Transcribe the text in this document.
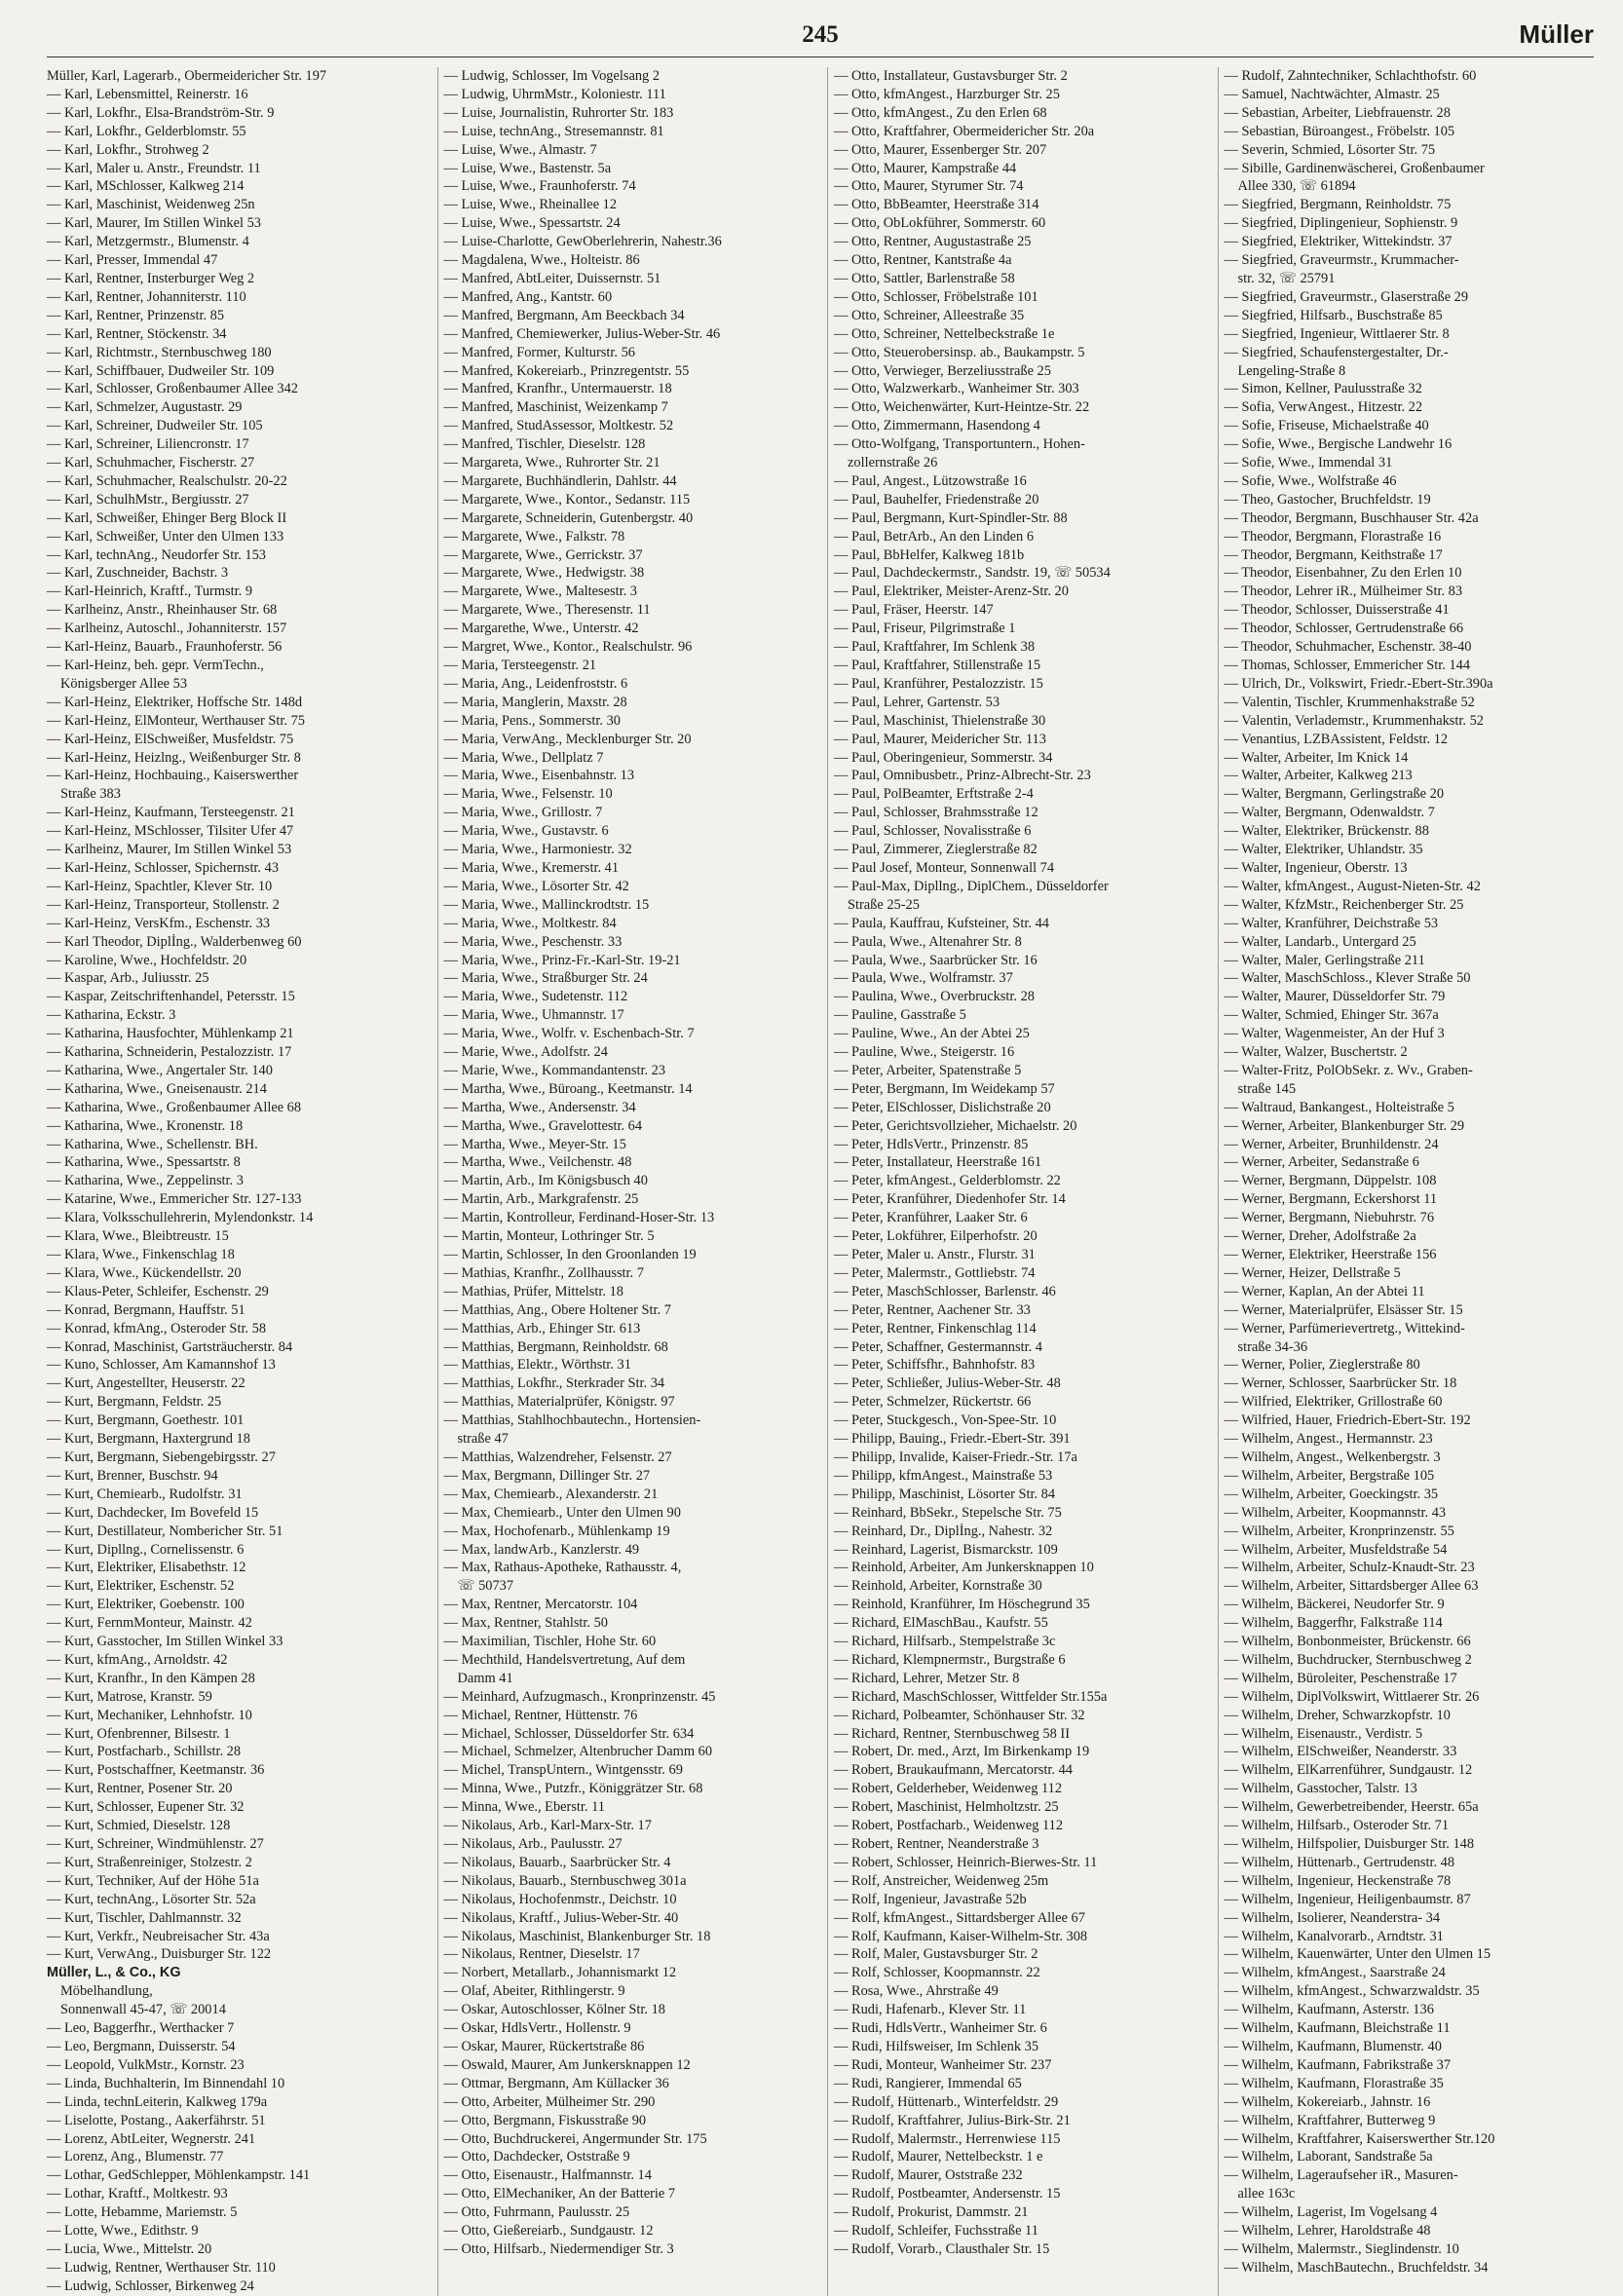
245	Müller
Müller, Karl, Lagerarb., Obermeidericher Str. 197
— Karl, Lebensmittel, Reinerstr. 16
— Karl, Lokfhr., Elsa-Brandström-Str. 9
— Karl, Lokfhr., Gelderblomstr. 55
— Karl, Lokfhr., Strohweg 2
— Karl, Maler u. Anstr., Freundstr. 11
— Karl, MSchlosser, Kalkweg 214
— Karl, Maschinist, Weidenweg 25n
— Karl, Maurer, Im Stillen Winkel 53
— Karl, Metzgermstr., Blumenstr. 4
— Karl, Presser, Immendal 47
— Karl, Rentner, Insterburger Weg 2
— Karl, Rentner, Johanniterstr. 110
— Karl, Rentner, Prinzenstr. 85
— Karl, Rentner, Stöckenstr. 34
— Karl, Richtmstr., Sternbuschweg 180
— Karl, Schiffbauer, Dudweiler Str. 109
— Karl, Schlosser, Großenbaumer Allee 342
— Karl, Schmelzer, Augustastr. 29
— Karl, Schreiner, Dudweiler Str. 105
— Karl, Schreiner, Liliencronstr. 17
— Karl, Schuhmacher, Fischerstr. 27
— Karl, Schuhmacher, Realschulstr. 20-22
— Karl, SchulhMstr., Bergiusstr. 27
— Karl, Schweißer, Ehinger Berg Block II
— Karl, Schweißer, Unter den Ulmen 133
— Karl, technAng., Neudorfer Str. 153
— Karl, Zuschneider, Bachstr. 3
— Karl-Heinrich, Kraftf., Turmstr. 9
— Karlheinz, Anstr., Rheinhauser Str. 68
— Karlheinz, Autoschl., Johanniterstr. 157
— Karl-Heinz, Bauarb., Fraunhoferstr. 56
— Karl-Heinz, beh. gepr. VermTechn.,
Königsberger Allee 53
— Karl-Heinz, Elektriker, Hoffsche Str. 148d
— Karl-Heinz, ElMonteur, Werthauser Str. 75
— Karl-Heinz, ElSchweißer, Musfeldstr. 75
— Karl-Heinz, Heizlng., Weißenburger Str. 8
— Karl-Heinz, Hochbauing., Kaiserswerther
Straße 383
— Karl-Heinz, Kaufmann, Tersteegenstr. 21
— Karl-Heinz, MSchlosser, Tilsiter Ufer 47
— Karlheinz, Maurer, Im Stillen Winkel 53
— Karl-Heinz, Schlosser, Spichernstr. 43
— Karl-Heinz, Spachtler, Klever Str. 10
— Karl-Heinz, Transporteur, Stollenstr. 2
— Karl-Heinz, VersKfm., Eschenstr. 33
— Karl Theodor, Diplİng., Walderbenweg 60
— Karoline, Wwe., Hochfeldstr. 20
— Kaspar, Arb., Juliusstr. 25
— Kaspar, Zeitschriftenhandel, Petersstr. 15
— Katharina, Eckstr. 3
— Katharina, Hausfochter, Mühlenkamp 21
— Katharina, Schneiderin, Pestalozzistr. 17
— Katharina, Wwe., Angertaler Str. 140
— Katharina, Wwe., Gneisenaustr. 214
— Katharina, Wwe., Großenbaumer Allee 68
— Katharina, Wwe., Kronenstr. 18
— Katharina, Wwe., Schellenstr. BH.
— Katharina, Wwe., Spessartstr. 8
— Katharina, Wwe., Zeppelinstr. 3
— Katarine, Wwe., Emmericher Str. 127-133
— Klara, Volksschullehrerin, Mylendonkstr. 14
— Klara, Wwe., Bleibtreustr. 15
— Klara, Wwe., Finkenschlag 18
— Klara, Wwe., Kückendellstr. 20
— Klaus-Peter, Schleifer, Eschenstr. 29
— Konrad, Bergmann, Hauffstr. 51
— Konrad, kfmAng., Osteroder Str. 58
— Konrad, Maschinist, Gartsträucherstr. 84
— Kuno, Schlosser, Am Kamannshof 13
— Kurt, Angestellter, Heuserstr. 22
— Kurt, Bergmann, Feldstr. 25
— Kurt, Bergmann, Goethestr. 101
— Kurt, Bergmann, Haxtergrund 18
— Kurt, Bergmann, Siebengebirgsstr. 27
— Kurt, Brenner, Buschstr. 94
— Kurt, Chemiearb., Rudolfstr. 31
— Kurt, Dachdecker, Im Bovefeld 15
— Kurt, Destillateur, Nombericher Str. 51
— Kurt, Dipllng., Cornelissenstr. 6
— Kurt, Elektriker, Elisabethstr. 12
— Kurt, Elektriker, Eschenstr. 52
— Kurt, Elektriker, Goebenstr. 100
— Kurt, FernmMonteur, Mainstr. 42
— Kurt, Gasstocher, Im Stillen Winkel 33
— Kurt, kfmAng., Arnoldstr. 42
— Kurt, Kranfhr., In den Kämpen 28
— Kurt, Matrose, Kranstr. 59
— Kurt, Mechaniker, Lehnhofstr. 10
— Kurt, Ofenbrenner, Bilsestr. 1
— Kurt, Postfacharb., Schillstr. 28
— Kurt, Postschaffner, Keetmanstr. 36
— Kurt, Rentner, Posener Str. 20
— Kurt, Schlosser, Eupener Str. 32
— Kurt, Schmied, Dieselstr. 128
— Kurt, Schreiner, Windmühlenstr. 27
— Kurt, Straßenreiniger, Stolzestr. 2
— Kurt, Techniker, Auf der Höhe 51a
— Kurt, technAng., Lösorter Str. 52a
— Kurt, Tischler, Dahlmannstr. 32
— Kurt, Verkfr., Neubreisacher Str. 43a
— Kurt, VerwAng., Duisburger Str. 122
Müller, L., & Co., KG
Möbelhandlung,
Sonnenwall 45-47, ☏ 20014
— Leo, Baggerfhr., Werthacker 7
— Leo, Bergmann, Duisserstr. 54
— Leopold, VulkMstr., Kornstr. 23
— Linda, Buchhalterin, Im Binnendahl 10
— Linda, technLeiterin, Kalkweg 179a
— Liselotte, Postang., Aakerfährstr. 51
— Lorenz, AbtLeiter, Wegnerstr. 241
— Lorenz, Ang., Blumenstr. 77
— Lothar, GedSchlepper, Möhlenkampstr. 141
— Lothar, Kraftf., Moltkestr. 93
— Lotte, Hebamme, Mariemstr. 5
— Lotte, Wwe., Edithstr. 9
— Lucia, Wwe., Mittelstr. 20
— Ludwig, Rentner, Werthauser Str. 110
— Ludwig, Schlosser, Birkenweg 24
— Ludwig, Schlosser, Im Vogelsang 2
— Ludwig, UhrmMstr., Koloniestr. 111
— Luise, Journalistin, Ruhrorter Str. 183
— Luise, technAng., Stresemannstr. 81
— Luise, Wwe., Almastr. 7
— Luise, Wwe., Bastenstr. 5a
— Luise, Wwe., Fraunhoferstr. 74
— Luise, Wwe., Rheinallee 12
— Luise, Wwe., Spessartstr. 24
— Luise-Charlotte, GewOberlehrerin, Nahestr.36
— Magdalena, Wwe., Holteistr. 86
— Manfred, AbtLeiter, Duissernstr. 51
— Manfred, Ang., Kantstr. 60
— Manfred, Bergmann, Am Beeckbach 34
— Manfred, Chemiewerker, Julius-Weber-Str. 46
— Manfred, Former, Kulturstr. 56
— Manfred, Kokereiarb., Prinzregentstr. 55
— Manfred, Kranfhr., Untermauerstr. 18
— Manfred, Maschinist, Weizenkamp 7
— Manfred, StudAssessor, Moltkestr. 52
— Manfred, Tischler, Dieselstr. 128
— Margareta, Wwe., Ruhrorter Str. 21
— Margarete, Buchhändlerin, Dahlstr. 44
— Margarete, Wwe., Kontor., Sedanstr. 115
— Margarete, Schneiderin, Gutenbergstr. 40
— Margarete, Wwe., Falkstr. 78
— Margarete, Wwe., Gerrickstr. 37
— Margarete, Wwe., Hedwigstr. 38
— Margarete, Wwe., Maltesestr. 3
— Margarete, Wwe., Theresenstr. 11
— Margarethe, Wwe., Unterstr. 42
— Margret, Wwe., Kontor., Realschulstr. 96
— Maria, Tersteegenstr. 21
— Maria, Ang., Leidenfroststr. 6
— Maria, Manglerin, Maxstr. 28
— Maria, Pens., Sommerstr. 30
— Maria, VerwAng., Mecklenburger Str. 20
— Maria, Wwe., Dellplatz 7
— Maria, Wwe., Eisenbahnstr. 13
— Maria, Wwe., Felsenstr. 10
— Maria, Wwe., Grillostr. 7
— Maria, Wwe., Gustavstr. 6
— Maria, Wwe., Harmoniestr. 32
— Maria, Wwe., Kremerstr. 41
— Maria, Wwe., Lösorter Str. 42
— Maria, Wwe., Mallinckrodtstr. 15
— Maria, Wwe., Moltkestr. 84
— Maria, Wwe., Peschenstr. 33
— Maria, Wwe., Prinz-Fr.-Karl-Str. 19-21
— Maria, Wwe., Straßburger Str. 24
— Maria, Wwe., Sudetenstr. 112
— Maria, Wwe., Uhmannstr. 17
— Maria, Wwe., Wolfr. v. Eschenbach-Str. 7
— Marie, Wwe., Adolfstr. 24
— Marie, Wwe., Kommandantenstr. 23
— Martha, Wwe., Büroang., Keetmanstr. 14
— Martha, Wwe., Andersenstr. 34
— Martha, Wwe., Gravelottestr. 64
— Martha, Wwe., Meyer-Str. 15
— Martha, Wwe., Veilchenstr. 48
— Martin, Arb., Im Königsbusch 40
— Martin, Arb., Markgrafenstr. 25
— Martin, Kontrolleur, Ferdinand-Hoser-Str. 13
— Martin, Monteur, Lothringer Str. 5
— Martin, Schlosser, In den Groonlanden 19
— Mathias, Kranfhr., Zollhausstr. 7
— Mathias, Prüfer, Mittelstr. 18
— Matthias, Ang., Obere Holtener Str. 7
— Matthias, Arb., Ehinger Str. 613
— Matthias, Bergmann, Reinholdstr. 68
— Matthias, Elektr., Wörthstr. 31
— Matthias, Lokfhr., Sterkrader Str. 34
— Matthias, Materialprüfer, Königstr. 97
— Matthias, Stahlhochbautechn., Hortensien-
straße 47
— Matthias, Walzendreher, Felsenstr. 27
— Max, Bergmann, Dillinger Str. 27
— Max, Chemiearb., Alexanderstr. 21
— Max, Chemiearb., Unter den Ulmen 90
— Max, Hochofenarb., Mühlenkamp 19
— Max, landwArb., Kanzlerstr. 49
— Max, Rathaus-Apotheke, Rathausstr. 4,
☏ 50737
— Max, Rentner, Mercatorstr. 104
— Max, Rentner, Stahlstr. 50
— Maximilian, Tischler, Hohe Str. 60
— Mechthild, Handelsvertretung, Auf dem
Damm 41
— Meinhard, Aufzugmasch., Kronprinzenstr. 45
— Michael, Rentner, Hüttenstr. 76
— Michael, Schlosser, Düsseldorfer Str. 634
— Michael, Schmelzer, Altenbrucher Damm 60
— Michel, TranspUntern., Wintgensstr. 69
— Minna, Wwe., Putzfr., Königgrätzer Str. 68
— Minna, Wwe., Eberstr. 11
— Nikolaus, Arb., Karl-Marx-Str. 17
— Nikolaus, Arb., Paulusstr. 27
— Nikolaus, Bauarb., Saarbrücker Str. 4
— Nikolaus, Bauarb., Sternbuschweg 301a
— Nikolaus, Hochofenmstr., Deichstr. 10
— Nikolaus, Kraftf., Julius-Weber-Str. 40
— Nikolaus, Maschinist, Blankenburger Str. 18
— Nikolaus, Rentner, Dieselstr. 17
— Norbert, Metallarb., Johannismarkt 12
— Olaf, Abeiter, Rithlingerstr. 9
— Oskar, Autoschlosser, Kölner Str. 18
— Oskar, HdlsVertr., Hollenstr. 9
— Oskar, Maurer, Rückertstraße 86
— Oswald, Maurer, Am Junkersknappen 12
— Ottmar, Bergmann, Am Küllacker 36
— Otto, Arbeiter, Mülheimer Str. 290
— Otto, Bergmann, Fiskusstraße 90
— Otto, Buchdruckerei, Angermunder Str. 175
— Otto, Dachdecker, Oststraße 9
— Otto, Eisenaustr., Halfmannstr. 14
— Otto, ElMechaniker, An der Batterie 7
— Otto, Fuhrmann, Paulusstr. 25
— Otto, Gießereiarb., Sundgaustr. 12
— Otto, Hilfsarb., Niedermendiger Str. 3
— Otto, Installateur, Gustavsburger Str. 2
— Otto, kfmAngest., Harzburger Str. 25
— Otto, kfmAngest., Zu den Erlen 68
— Otto, Kraftfahrer, Obermeidericher Str. 20a
— Otto, Maurer, Essenberger Str. 207
— Otto, Maurer, Kampstraße 44
— Otto, Maurer, Styrumer Str. 74
— Otto, BbBeamter, Heerstraße 314
— Otto, ObLokführer, Sommerstr. 60
— Otto, Rentner, Augustastraße 25
— Otto, Rentner, Kantstraße 4a
— Otto, Sattler, Barlenstraße 58
— Otto, Schlosser, Fröbelstraße 101
— Otto, Schreiner, Alleestraße 35
— Otto, Schreiner, Nettelbeckstraße 1e
— Otto, Steuerobersinsp. ab., Baukampstr. 5
— Otto, Verwieger, Berzeliusstraße 25
— Otto, Walzwerkarb., Wanheimer Str. 303
— Otto, Weichenwärter, Kurt-Heintze-Str. 22
— Otto, Zimmermann, Hasendong 4
— Otto-Wolfgang, Transportuntern., Hohen-
zollernstraße 26
— Paul, Angest., Lützowstraße 16
— Paul, Bauhelfer, Friedenstraße 20
— Paul, Bergmann, Kurt-Spindler-Str. 88
— Paul, BetrArb., An den Linden 6
— Paul, BbHelfer, Kalkweg 181b
— Paul, Dachdeckermstr., Sandstr. 19, ☏ 50534
— Paul, Elektriker, Meister-Arenz-Str. 20
— Paul, Fräser, Heerstr. 147
— Paul, Friseur, Pilgrimstraße 1
— Paul, Kraftfahrer, Im Schlenk 38
— Paul, Kraftfahrer, Stillenstraße 15
— Paul, Kranführer, Pestalozzistr. 15
— Paul, Lehrer, Gartenstr. 53
— Paul, Maschinist, Thielenstraße 30
— Paul, Maurer, Meidericher Str. 113
— Paul, Oberingenieur, Sommerstr. 34
— Paul, Omnibusbetr., Prinz-Albrecht-Str. 23
— Paul, PolBeamter, Erftstraße 2-4
— Paul, Schlosser, Brahmsstraße 12
— Paul, Schlosser, Novalisstraße 6
— Paul, Zimmerer, Zieglerstraße 82
— Paul Josef, Monteur, Sonnenwall 74
— Paul-Max, Dipllng., DiplChem., Düsseldorfer
Straße 25-25
— Paula, Kauffrau, Kufsteiner, Str. 44
— Paula, Wwe., Altenahrer Str. 8
— Paula, Wwe., Saarbrücker Str. 16
— Paula, Wwe., Wolframstr. 37
— Paulina, Wwe., Overbruckstr. 28
— Pauline, Gasstraße 5
— Pauline, Wwe., An der Abtei 25
— Pauline, Wwe., Steigerstr. 16
— Peter, Arbeiter, Spatenstraße 5
— Peter, Bergmann, Im Weidekamp 57
— Peter, ElSchlosser, Dislichstraße 20
— Peter, Gerichtsvollzieher, Michaelstr. 20
— Peter, HdlsVertr., Prinzenstr. 85
— Peter, Installateur, Heerstraße 161
— Peter, kfmAngest., Gelderblomstr. 22
— Peter, Kranführer, Diedenhofer Str. 14
— Peter, Kranführer, Laaker Str. 6
— Peter, Lokführer, Eilperhofstr. 20
— Peter, Maler u. Anstr., Flurstr. 31
— Peter, Malermstr., Gottliebstr. 74
— Peter, MaschSchlosser, Barlenstr. 46
— Peter, Rentner, Aachener Str. 33
— Peter, Rentner, Finkenschlag 114
— Peter, Schaffner, Gestermannstr. 4
— Peter, Schiffsfhr., Bahnhofstr. 83
— Peter, Schließer, Julius-Weber-Str. 48
— Peter, Schmelzer, Rückertstr. 66
— Peter, Stuckgesch., Von-Spee-Str. 10
— Philipp, Bauing., Friedr.-Ebert-Str. 391
— Philipp, Invalide, Kaiser-Friedr.-Str. 17a
— Philipp, kfmAngest., Mainstraße 53
— Philipp, Maschinist, Lösorter Str. 84
— Reinhard, BbSekr., Stepelsche Str. 75
— Reinhard, Dr., Diplİng., Nahestr. 32
— Reinhard, Lagerist, Bismarckstr. 109
— Reinhold, Arbeiter, Am Junkersknappen 10
— Reinhold, Arbeiter, Kornstraße 30
— Reinhold, Kranführer, Im Höschegrund 35
— Richard, ElMaschBau., Kaufstr. 55
— Richard, Hilfsarb., Stempelstraße 3c
— Richard, Klempnermstr., Burgstraße 6
— Richard, Lehrer, Metzer Str. 8
— Richard, MaschSchlosser, Wittfelder Str.155a
— Richard, Polbeamter, Schönhauser Str. 32
— Richard, Rentner, Sternbuschweg 58 II
— Robert, Dr. med., Arzt, Im Birkenkamp 19
— Robert, Braukaufmann, Mercatorstr. 44
— Robert, Gelderheber, Weidenweg 112
— Robert, Maschinist, Helmholtzstr. 25
— Robert, Postfacharb., Weidenweg 112
— Robert, Rentner, Neanderstraße 3
— Robert, Schlosser, Heinrich-Bierwes-Str. 11
— Rolf, Anstreicher, Weidenweg 25m
— Rolf, Ingenieur, Javastraße 52b
— Rolf, kfmAngest., Sittardsberger Allee 67
— Rolf, Kaufmann, Kaiser-Wilhelm-Str. 308
— Rolf, Maler, Gustavsburger Str. 2
— Rolf, Schlosser, Koopmannstr. 22
— Rosa, Wwe., Ahrstraße 49
— Rudi, Hafenarb., Klever Str. 11
— Rudi, HdlsVertr., Wanheimer Str. 6
— Rudi, Hilfsweiser, Im Schlenk 35
— Rudi, Monteur, Wanheimer Str. 237
— Rudi, Rangierer, Immendal 65
— Rudolf, Hüttenarb., Winterfeldstr. 29
— Rudolf, Kraftfahrer, Julius-Birk-Str. 21
— Rudolf, Malermstr., Herrenwiese 115
— Rudolf, Maurer, Nettelbeckstr. 1 e
— Rudolf, Maurer, Oststraße 232
— Rudolf, Postbeamter, Andersenstr. 15
— Rudolf, Prokurist, Dammstr. 21
— Rudolf, Schleifer, Fuchsstraße 11
— Rudolf, Vorarb., Clausthaler Str. 15
— Rudolf, Zahntechniker, Schlachthofstr. 60
— Samuel, Nachtwächter, Almastr. 25
— Sebastian, Arbeiter, Liebfrauenstr. 28
— Sebastian, Büroangest., Fröbelstr. 105
— Severin, Schmied, Lösorter Str. 75
— Sibille, Gardinenwäscherei, Großenbaumer
Allee 330, ☏ 61894
— Siegfried, Bergmann, Reinholdstr. 75
— Siegfried, Diplingenieur, Sophienstr. 9
— Siegfried, Elektriker, Wittekindstr. 37
— Siegfried, Graveurmstr., Krummacher-
str. 32, ☏ 25791
— Siegfried, Graveurmstr., Glaserstraße 29
— Siegfried, Hilfsarb., Buschstraße 85
— Siegfried, Ingenieur, Wittlaerer Str. 8
— Siegfried, Schaufenstergestalter, Dr.-
Lengeling-Straße 8
— Simon, Kellner, Paulusstraße 32
— Sofia, VerwAngest., Hitzestr. 22
— Sofie, Friseuse, Michaelstraße 40
— Sofie, Wwe., Bergische Landwehr 16
— Sofie, Wwe., Immendal 31
— Sofie, Wwe., Wolfstraße 46
— Theo, Gastocher, Bruchfeldstr. 19
— Theodor, Bergmann, Buschhauser Str. 42a
— Theodor, Bergmann, Florastraße 16
— Theodor, Bergmann, Keithstraße 17
— Theodor, Eisenbahner, Zu den Erlen 10
— Theodor, Lehrer iR., Mülheimer Str. 83
— Theodor, Schlosser, Duisserstraße 41
— Theodor, Schlosser, Gertrudenstraße 66
— Theodor, Schuhmacher, Eschenstr. 38-40
— Thomas, Schlosser, Emmericher Str. 144
— Ulrich, Dr., Volkswirt, Friedr.-Ebert-Str.390a
— Valentin, Tischler, Krummenhakstraße 52
— Valentin, Verlademstr., Krummenhakstr. 52
— Venantius, LZBAssistent, Feldstr. 12
— Walter, Arbeiter, Im Knick 14
— Walter, Arbeiter, Kalkweg 213
— Walter, Bergmann, Gerlingstraße 20
— Walter, Bergmann, Odenwaldstr. 7
— Walter, Elektriker, Brückenstr. 88
— Walter, Elektriker, Uhlandstr. 35
— Walter, Ingenieur, Oberstr. 13
— Walter, kfmAngest., August-Nieten-Str. 42
— Walter, KfzMstr., Reichenberger Str. 25
— Walter, Kranführer, Deichstraße 53
— Walter, Landarb., Untergard 25
— Walter, Maler, Gerlingstraße 211
— Walter, MaschSchloss., Klever Straße 50
— Walter, Maurer, Düsseldorfer Str. 79
— Walter, Schmied, Ehinger Str. 367a
— Walter, Wagenmeister, An der Huf 3
— Walter, Walzer, Buschertstr. 2
— Walter-Fritz, PolObSekr. z. Wv., Graben-
straße 145
— Waltraud, Bankangest., Holteistraße 5
— Werner, Arbeiter, Blankenburger Str. 29
— Werner, Arbeiter, Brunhildenstr. 24
— Werner, Arbeiter, Sedanstraße 6
— Werner, Bergmann, Düppelstr. 108
— Werner, Bergmann, Eckershorst 11
— Werner, Bergmann, Niebuhrstr. 76
— Werner, Dreher, Adolfstraße 2a
— Werner, Elektriker, Heerstraße 156
— Werner, Heizer, Dellstraße 5
— Werner, Kaplan, An der Abtei 11
— Werner, Materialprüfer, Elsässer Str. 15
— Werner, Parfümerievertretg., Wittekind-
straße 34-36
— Werner, Polier, Zieglerstraße 80
— Werner, Schlosser, Saarbrücker Str. 18
— Wilfried, Elektriker, Grillostraße 60
— Wilfried, Hauer, Friedrich-Ebert-Str. 192
— Wilhelm, Angest., Hermannstr. 23
— Wilhelm, Angest., Welkenbergstr. 3
— Wilhelm, Arbeiter, Bergstraße 105
— Wilhelm, Arbeiter, Goeckingstr. 35
— Wilhelm, Arbeiter, Koopmannstr. 43
— Wilhelm, Arbeiter, Kronprinzenstr. 55
— Wilhelm, Arbeiter, Musfeldstraße 54
— Wilhelm, Arbeiter, Schulz-Knaudt-Str. 23
— Wilhelm, Arbeiter, Sittardsberger Allee 63
— Wilhelm, Bäckerei, Neudorfer Str. 9
— Wilhelm, Baggerfhr, Falkstraße 114
— Wilhelm, Bonbonmeister, Brückenstr. 66
— Wilhelm, Buchdrucker, Sternbuschweg 2
— Wilhelm, Büroleiter, Peschenstraße 17
— Wilhelm, DiplVolkswirt, Wittlaerer Str. 26
— Wilhelm, Dreher, Schwarzkopfstr. 10
— Wilhelm, Eisenaustr., Verdistr. 5
— Wilhelm, ElSchweißer, Neanderstr. 33
— Wilhelm, ElKarrenführer, Sundgaustr. 12
— Wilhelm, Gasstocher, Talstr. 13
— Wilhelm, Gewerbetreibender, Heerstr. 65a
— Wilhelm, Hilfsarb., Osteroder Str. 71
— Wilhelm, Hilfspolier, Duisburger Str. 148
— Wilhelm, Hüttenarb., Gertrudenstr. 48
— Wilhelm, Ingenieur, Heckenstraße 78
— Wilhelm, Ingenieur, Heiligenbaumstr. 87
— Wilhelm, Isolierer, Neanderstra- 34
— Wilhelm, Kanalvorarb., Arndtstr. 31
— Wilhelm, Kauenwärter, Unter den Ulmen 15
— Wilhelm, kfmAngest., Saarstraße 24
— Wilhelm, kfmAngest., Schwarzwaldstr. 35
— Wilhelm, Kaufmann, Asterstr. 136
— Wilhelm, Kaufmann, Bleichstraße 11
— Wilhelm, Kaufmann, Blumenstr. 40
— Wilhelm, Kaufmann, Fabrikstraße 37
— Wilhelm, Kaufmann, Florastraße 35
— Wilhelm, Kokereiarb., Jahnstr. 16
— Wilhelm, Kraftfahrer, Butterweg 9
— Wilhelm, Kraftfahrer, Kaiserswerther Str.120
— Wilhelm, Laborant, Sandstraße 5a
— Wilhelm, Lageraufseher iR., Masuren-
allee 163c
— Wilhelm, Lagerist, Im Vogelsang 4
— Wilhelm, Lehrer, Haroldstraße 48
— Wilhelm, Malermstr., Sieglindenstr. 10
— Wilhelm, MaschBautechn., Bruchfeldstr. 34
